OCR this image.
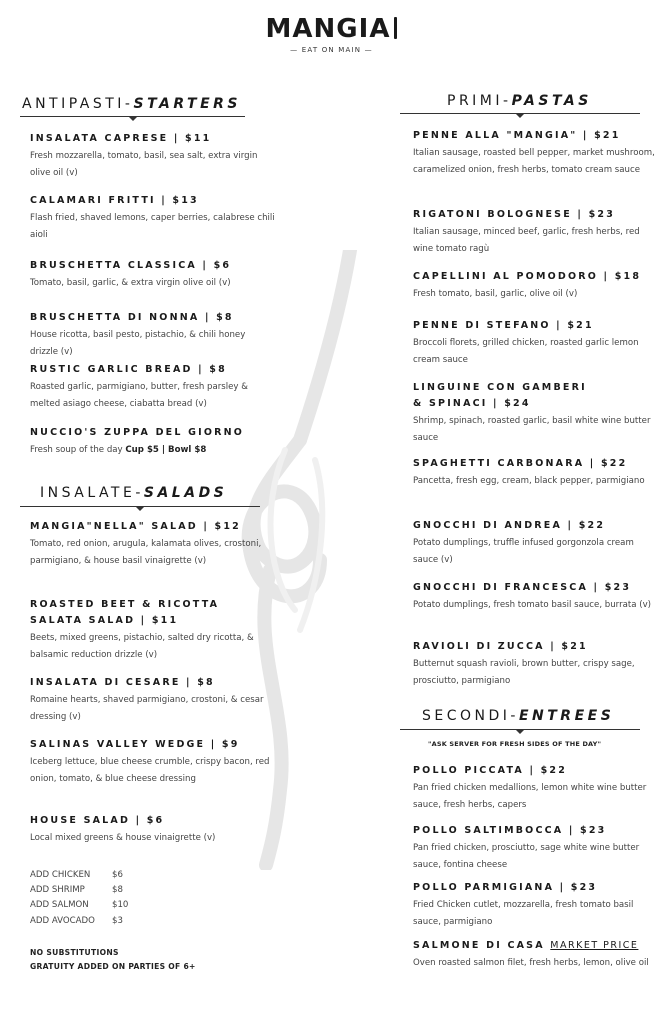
MANGIA
— EAT ON MAIN —
ANTIPASTI-STARTERS
INSALATA CAPRESE | $11
Fresh mozzarella, tomato, basil, sea salt, extra virgin olive oil (v)
CALAMARI FRITTI | $13
Flash fried, shaved lemons, caper berries, calabrese chili aioli
BRUSCHETTA CLASSICA | $6
Tomato, basil, garlic, & extra virgin olive oil (v)
BRUSCHETTA DI NONNA | $8
House ricotta, basil pesto, pistachio, & chili honey drizzle (v)
RUSTIC GARLIC BREAD | $8
Roasted garlic, parmigiano, butter, fresh parsley & melted asiago cheese, ciabatta bread (v)
NUCCIO'S ZUPPA DEL GIORNO
Fresh soup of the day Cup $5 | Bowl $8
INSALATE-SALADS
MANGIA"NELLA" SALAD | $12
Tomato, red onion, arugula, kalamata olives, crostoni, parmigiano, & house basil vinaigrette (v)
ROASTED BEET & RICOTTA
SALATA SALAD | $11
Beets, mixed greens, pistachio, salted dry ricotta, & balsamic reduction drizzle (v)
INSALATA DI CESARE | $8
Romaine hearts, shaved parmigiano, crostoni, & cesar dressing (v)
SALINAS VALLEY WEDGE | $9
Iceberg lettuce, blue cheese crumble, crispy bacon, red onion, tomato, & blue cheese dressing
HOUSE SALAD | $6
Local mixed greens & house vinaigrette (v)
ADD CHICKEN	$6
ADD SHRIMP	$8
ADD SALMON	$10
ADD AVOCADO	$3
NO SUBSTITUTIONS
GRATUITY ADDED ON PARTIES OF 6+
PRIMI-PASTAS
PENNE ALLA "MANGIA" | $21
Italian sausage, roasted bell pepper, market mushroom, caramelized onion, fresh herbs, tomato cream sauce
RIGATONI BOLOGNESE | $23
Italian sausage, minced beef, garlic, fresh herbs, red wine tomato ragù
CAPELLINI AL POMODORO | $18
Fresh tomato, basil, garlic, olive oil (v)
PENNE DI STEFANO | $21
Broccoli florets, grilled chicken, roasted garlic lemon cream sauce
LINGUINE CON GAMBERI
& SPINACI | $24
Shrimp, spinach, roasted garlic, basil white wine butter sauce
SPAGHETTI CARBONARA | $22
Pancetta, fresh egg, cream, black pepper, parmigiano
GNOCCHI DI ANDREA | $22
Potato dumplings, truffle infused gorgonzola cream sauce (v)
GNOCCHI DI FRANCESCA | $23
Potato dumplings, fresh tomato basil sauce, burrata (v)
RAVIOLI DI ZUCCA | $21
Butternut squash ravioli, brown butter, crispy sage, prosciutto, parmigiano
SECONDI-ENTREES
POLLO PICCATA | $22
Pan fried chicken medallions, lemon white wine butter sauce, fresh herbs, capers
POLLO SALTIMBOCCA | $23
Pan fried chicken, prosciutto, sage white wine butter sauce, fontina cheese
POLLO PARMIGIANA | $23
Fried Chicken cutlet, mozzarella, fresh tomato basil sauce, parmigiano
SALMONE DI CASA MARKET PRICE
Oven roasted salmon filet, fresh herbs, lemon, olive oil
"ASK SERVER FOR FRESH SIDES OF THE DAY"
